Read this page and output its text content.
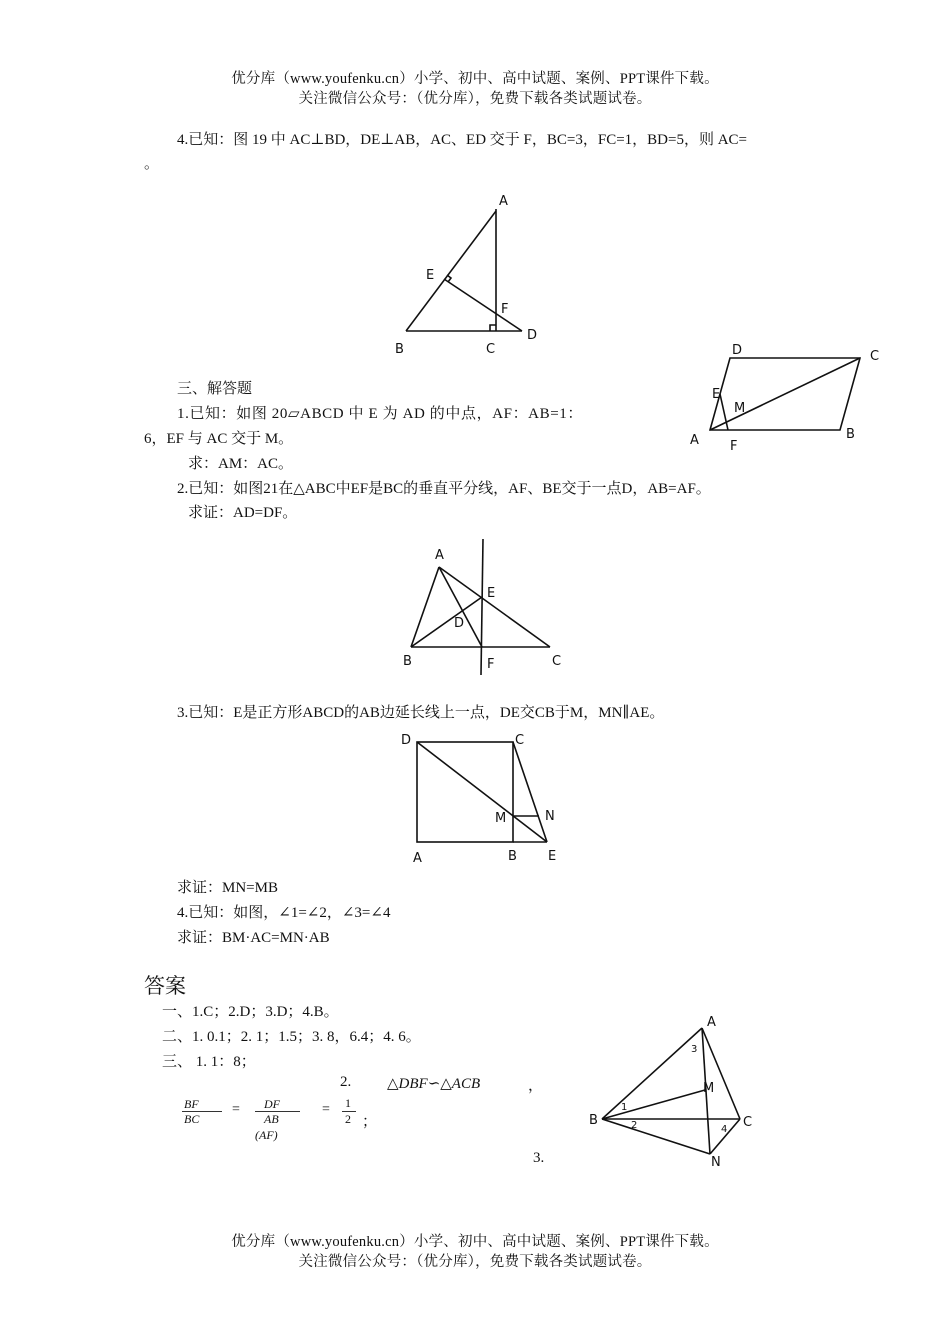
优分库（www.youfenku.cn）小学、初中、高中试题、案例、PPT课件下载。
关注微信公众号：（优分库），免费下载各类试题试卷。
4.已知：图 19 中 AC⊥BD，DE⊥AB，AC、ED 交于 F，BC=3，FC=1，BD=5，则 AC=
。
A
E
F
B	C
D
三、解答题
1.已知：如图 20▱ABCD 中 E 为 AD 的中点，AF：AB=1：
6，EF 与 AC 交于 M。
求：AM：AC。
2.已知：如图21在△ABC中EF是BC的垂直平分线，AF、BE交于一点D，AB=AF。
求证：AD=DF。
D	C
E
M
A F
B
A
E
D
B	F	C
3.已知：E是正方形ABCD的AB边延长线上一点，DE交CB于M，MN∥AE。
D	C
M	N
A	B E
求证：MN=MB
4.已知：如图，∠1=∠2，∠3=∠4
求证：BM·AC=MN·AB
答案
一、1.C；2.D；3.D；4.B。
二、1. 0.1；2. 1；1.5；3. 8，6.4；4. 6。
三、 1. 1：8；
2. △DBF∽△ACB	，
BF
BC
= DF
AB
(AF)
= 1
2 ；
3.
A
M
B	C
N
1
2
3
4
优分库（www.youfenku.cn）小学、初中、高中试题、案例、PPT课件下载。
关注微信公众号：（优分库），免费下载各类试题试卷。
